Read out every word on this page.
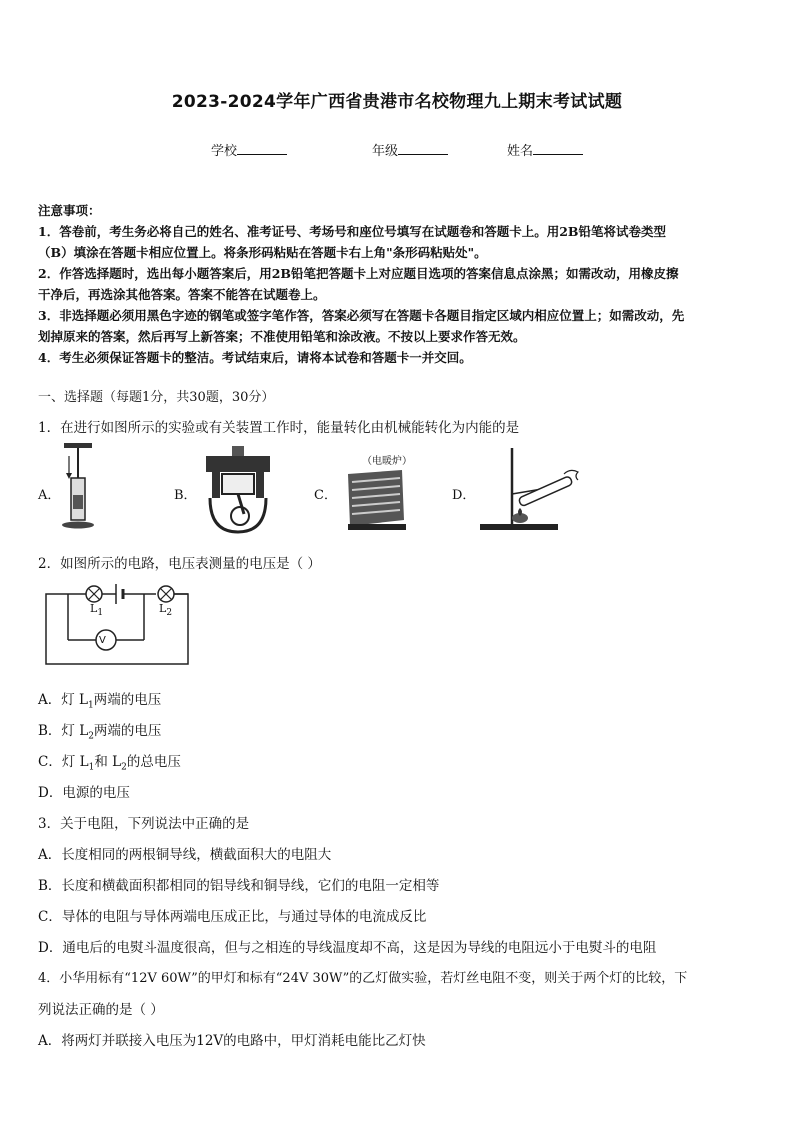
2023-2024学年广西省贵港市名校物理九上期末考试试题
学校	年级	姓名
注意事项：
1．答卷前，考生务必将自己的姓名、准考证号、考场号和座位号填写在试题卷和答题卡上。用2B铅笔将试卷类型
（B）填涂在答题卡相应位置上。将条形码粘贴在答题卡右上角"条形码粘贴处"。
2．作答选择题时，选出每小题答案后，用2B铅笔把答题卡上对应题目选项的答案信息点涂黑；如需改动，用橡皮擦
干净后，再选涂其他答案。答案不能答在试题卷上。
3．非选择题必须用黑色字迹的钢笔或签字笔作答，答案必须写在答题卡各题目指定区域内相应位置上；如需改动，先
划掉原来的答案，然后再写上新答案；不准使用铅笔和涂改液。不按以上要求作答无效。
4．考生必须保证答题卡的整洁。考试结束后，请将本试卷和答题卡一并交回。
一、选择题（每题1分，共30题，30分）
1．在进行如图所示的实验或有关装置工作时，能量转化由机械能转化为内能的是
A．	B．	C．
（电暖炉）
D．
2．如图所示的电路，电压表测量的电压是（ ）
V
$L_1$	$L_2$
A．灯 $L_1$两端的电压
B．灯 $L_2$两端的电压
C．灯 $L_1$和 $L_2$的总电压
D．电源的电压
3．关于电阻，下列说法中正确的是
A．长度相同的两根铜导线，横截面积大的电阻大
B．长度和横截面积都相同的铝导线和铜导线，它们的电阻一定相等
C．导体的电阻与导体两端电压成正比，与通过导体的电流成反比
D．通电后的电熨斗温度很高，但与之相连的导线温度却不高，这是因为导线的电阻远小于电熨斗的电阻
4．小华用标有“12V 60W”的甲灯和标有“24V 30W”的乙灯做实验，若灯丝电阻不变，则关于两个灯的比较，下
列说法正确的是（ ）
A．将两灯并联接入电压为12V的电路中，甲灯消耗电能比乙灯快
